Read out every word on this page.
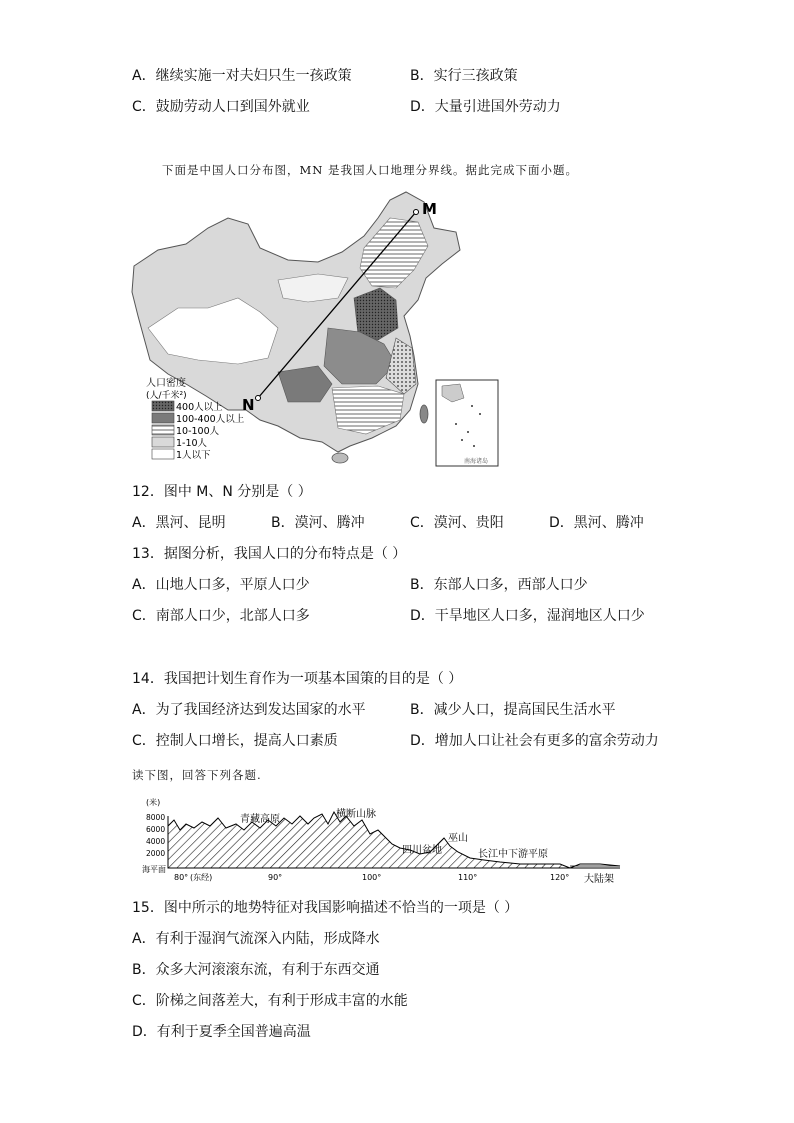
A．继续实施一对夫妇只生一孩政策	B．实行三孩政策
C．鼓励劳动人口到国外就业	D．大量引进国外劳动力
下面是中国人口分布图，MN 是我国人口地理分界线。据此完成下面小题。
M
N
人口密度
(人/千米²)
400人以上
100-400人以上
10-100人
1-10人
1人以下
南海诸岛
12．图中 M、N 分别是（ ）
A．黑河、昆明	B．漠河、腾冲	C．漠河、贵阳	D．黑河、腾冲
13．据图分析，我国人口的分布特点是（ ）
A．山地人口多，平原人口少	B．东部人口多，西部人口少
C．南部人口少，北部人口多	D．干旱地区人口多，湿润地区人口少
14．我国把计划生育作为一项基本国策的目的是（ ）
A．为了我国经济达到发达国家的水平	B．减少人口，提高国民生活水平
C．控制人口增长，提高人口素质	D．增加人口让社会有更多的富余劳动力
读下图，回答下列各题.
(米)
8000
6000
4000
2000
海平面
青藏高原	横断山脉
四川盆地
巫山
长江中下游平原
大陆架
80° (东经)	90°	100°	110°	120°
15．图中所示的地势特征对我国影响描述不恰当的一项是（ ）
A．有利于湿润气流深入内陆，形成降水
B．众多大河滚滚东流，有利于东西交通
C．阶梯之间落差大，有利于形成丰富的水能
D．有利于夏季全国普遍高温
